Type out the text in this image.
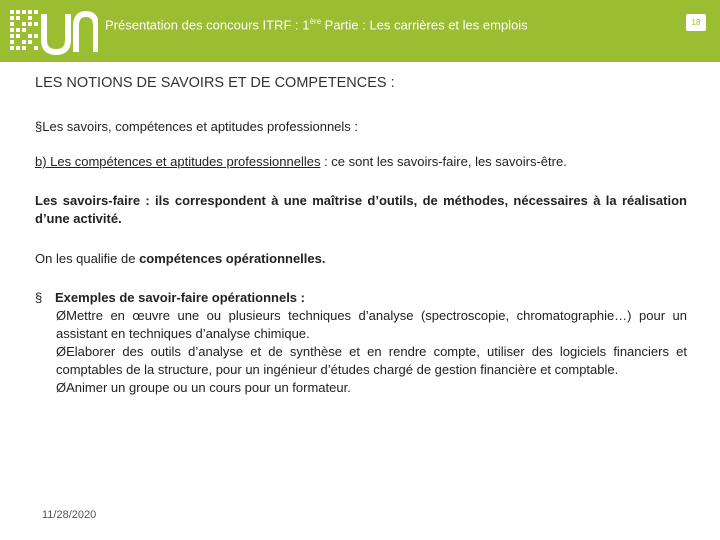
Présentation des concours ITRF : 1ère Partie : Les carrières et les emplois	18
LES NOTIONS DE SAVOIRS ET DE COMPETENCES :
§Les savoirs, compétences et aptitudes professionnels :
b) Les compétences et aptitudes professionnelles : ce sont les savoirs-faire, les savoirs-être.
Les savoirs-faire : ils correspondent à une maîtrise d’outils, de méthodes, nécessaires à la réalisation d’une activité.
On les qualifie de compétences opérationnelles.
§ Exemples de savoir-faire opérationnels :
ØMettre en œuvre une ou plusieurs techniques d’analyse (spectroscopie, chromatographie…) pour un assistant en techniques d’analyse chimique.
ØElaborer des outils d’analyse et de synthèse et en rendre compte, utiliser des logiciels financiers et comptables de la structure, pour un ingénieur d’études chargé de gestion financière et comptable.
ØAnimer un groupe ou un cours pour un formateur.
11/28/2020
